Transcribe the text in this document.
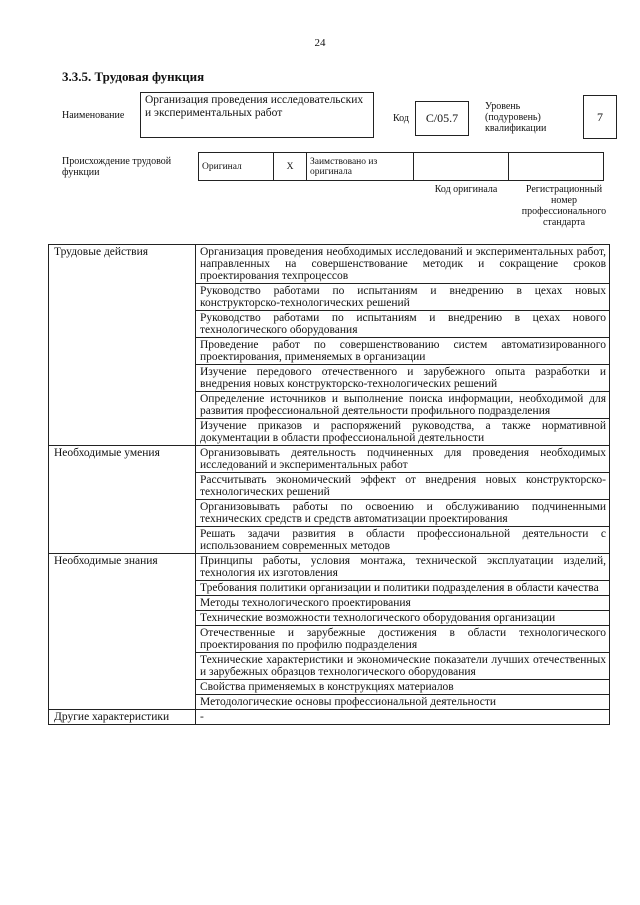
24
3.3.5. Трудовая функция
Наименование
Организация проведения исследовательских и экспериментальных работ	Код С/05.7
Уровень (подуровень) квалификации
7
Происхождение трудовой функции
Оригинал	X	Заимствовано из оригинала		
Код оригинала	Регистрационный номер профессионального стандарта
Трудовые действия	Организация проведения необходимых исследований и экспериментальных работ, направленных на совершенствование методик и сокращение сроков проектирования техпроцессов
	Руководство работами по испытаниям и внедрению в цехах новых конструкторско-технологических решений
	Руководство работами по испытаниям и внедрению в цехах нового технологического оборудования
	Проведение работ по совершенствованию систем автоматизированного проектирования, применяемых в организации
	Изучение передового отечественного и зарубежного опыта разработки и внедрения новых конструкторско-технологических решений
	Определение источников и выполнение поиска информации, необходимой для развития профессиональной деятельности профильного подразделения
	Изучение приказов и распоряжений руководства, а также нормативной документации в области профессиональной деятельности
Необходимые умения	Организовывать деятельность подчиненных для проведения необходимых исследований и экспериментальных работ
	Рассчитывать экономический эффект от внедрения новых конструкторско-технологических решений
	Организовывать работы по освоению и обслуживанию подчиненными технических средств и средств автоматизации проектирования
	Решать задачи развития в области профессиональной деятельности с использованием современных методов
Необходимые знания	Принципы работы, условия монтажа, технической эксплуатации изделий, технология их изготовления
	Требования политики организации и политики подразделения в области качества
	Методы технологического проектирования
	Технические возможности технологического оборудования организации
	Отечественные и зарубежные достижения в области технологического проектирования по профилю подразделения
	Технические характеристики и экономические показатели лучших отечественных и зарубежных образцов технологического оборудования
	Свойства применяемых в конструкциях материалов
	Методологические основы профессиональной деятельности
Другие характеристики	-
